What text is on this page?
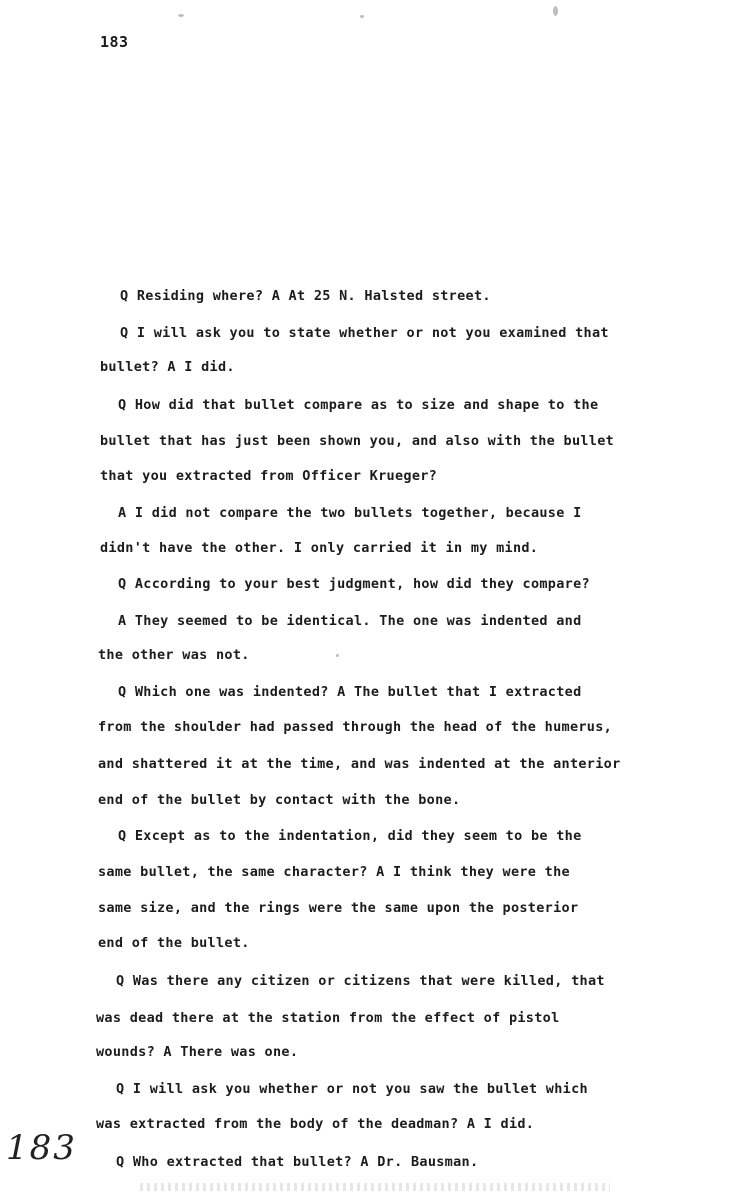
183
Q Residing where? A At 25 N. Halsted street.
Q I will ask you to state whether or not you examined that
bullet? A I did.
Q How did that bullet compare as to size and shape to the
bullet that has just been shown you, and also with the bullet
that you extracted from Officer Krueger?
A I did not compare the two bullets together, because I
didn't have the other. I only carried it in my mind.
Q According to your best judgment, how did they compare?
A They seemed to be identical. The one was indented and
the other was not.
Q Which one was indented? A The bullet that I extracted
from the shoulder had passed through the head of the humerus,
and shattered it at the time, and was indented at the anterior
end of the bullet by contact with the bone.
Q Except as to the indentation, did they seem to be the
same bullet, the same character? A I think they were the
same size, and the rings were the same upon the posterior
end of the bullet.
Q Was there any citizen or citizens that were killed, that
was dead there at the station from the effect of pistol
wounds? A There was one.
Q I will ask you whether or not you saw the bullet which
was extracted from the body of the deadman? A I did.
Q Who extracted that bullet? A Dr. Bausman.
183
